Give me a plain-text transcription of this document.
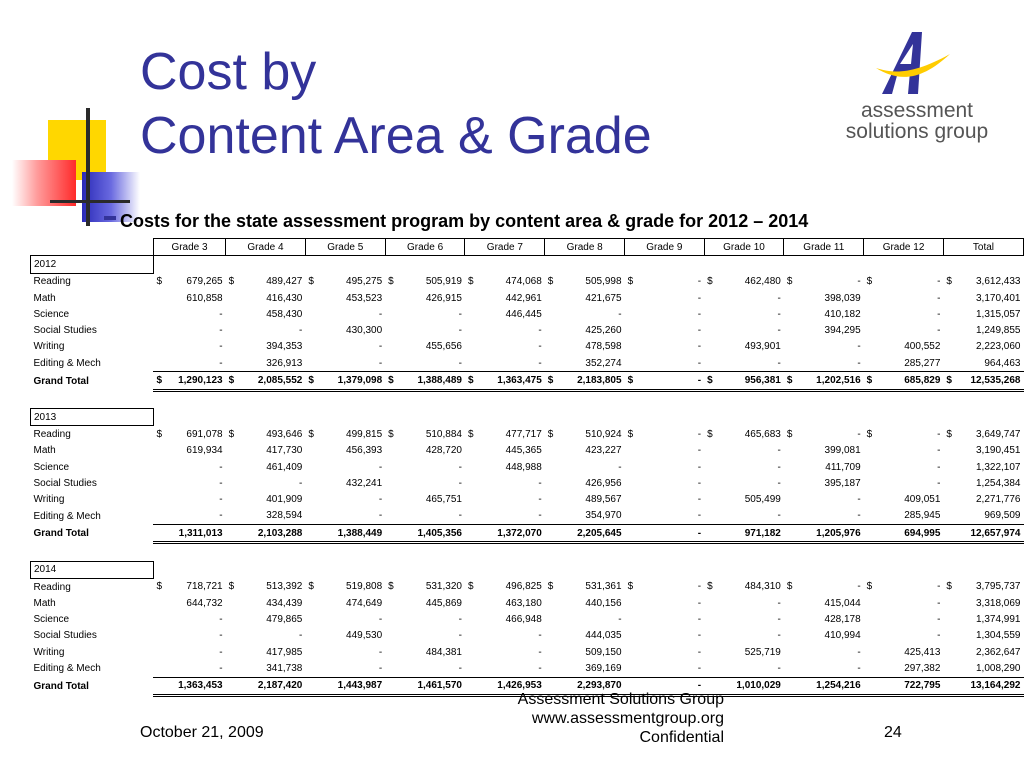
Cost by
Content Area & Grade	assessment
solutions group

Costs for the state assessment program by content area & grade for 2012 – 2014

	Grade 3	Grade 4	Grade 5	Grade 6	Grade 7	Grade 8	Grade 9	Grade 10	Grade 11	Grade 12	Total
2012											
Reading	$ 679,265	$ 489,427	$ 495,275	$ 505,919	$ 474,068	$ 505,998	$ -	$ 462,480	$ -	$ -	$ 3,612,433
Math	610,858	416,430	453,523	426,915	442,961	421,675	-	-	398,039	-	3,170,401
Science	-	458,430	-	-	446,445	-	-	-	410,182	-	1,315,057
Social Studies	-	-	430,300	-	-	425,260	-	-	394,295	-	1,249,855
Writing	-	394,353	-	455,656	-	478,598	-	493,901	-	400,552	2,223,060
Editing & Mech	-	326,913	-	-	-	352,274	-	-	-	285,277	964,463
Grand Total	$ 1,290,123	$ 2,085,552	$ 1,379,098	$ 1,388,489	$ 1,363,475	$ 2,183,805	$ -	$ 956,381	$ 1,202,516	$ 685,829	$ 12,535,268

2013											
Reading	$ 691,078	$ 493,646	$ 499,815	$ 510,884	$ 477,717	$ 510,924	$ -	$ 465,683	$ -	$ -	$ 3,649,747
Math	619,934	417,730	456,393	428,720	445,365	423,227	-	-	399,081	-	3,190,451
Science	-	461,409	-	-	448,988	-	-	-	411,709	-	1,322,107
Social Studies	-	-	432,241	-	-	426,956	-	-	395,187	-	1,254,384
Writing	-	401,909	-	465,751	-	489,567	-	505,499	-	409,051	2,271,776
Editing & Mech	-	328,594	-	-	-	354,970	-	-	-	285,945	969,509
Grand Total	1,311,013	2,103,288	1,388,449	1,405,356	1,372,070	2,205,645	-	971,182	1,205,976	694,995	12,657,974

2014											
Reading	$ 718,721	$ 513,392	$ 519,808	$ 531,320	$ 496,825	$ 531,361	$ -	$ 484,310	$ -	$ -	$ 3,795,737
Math	644,732	434,439	474,649	445,869	463,180	440,156	-	-	415,044	-	3,318,069
Science	-	479,865	-	-	466,948	-	-	-	428,178	-	1,374,991
Social Studies	-	-	449,530	-	-	444,035	-	-	410,994	-	1,304,559
Writing	-	417,985	-	484,381	-	509,150	-	525,719	-	425,413	2,362,647
Editing & Mech	-	341,738	-	-	-	369,169	-	-	-	297,382	1,008,290
Grand Total	1,363,453	2,187,420	1,443,987	1,461,570	1,426,953	2,293,870	-	1,010,029	1,254,216	722,795	13,164,292
October 21, 2009
Assessment Solutions Group
www.assessmentgroup.org
Confidential	24
